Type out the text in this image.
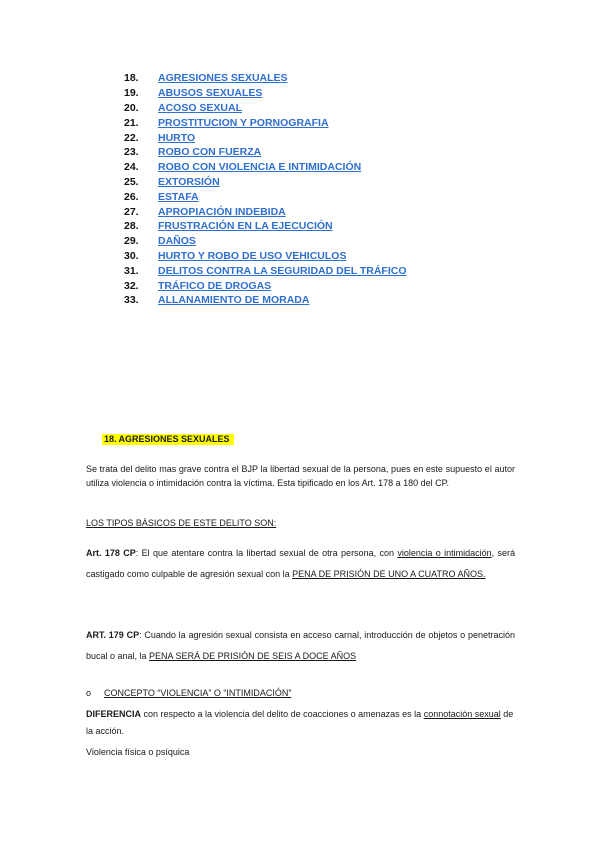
18.	AGRESIONES SEXUALES
19.	ABUSOS SEXUALES
20.	ACOSO SEXUAL
21.	PROSTITUCION Y PORNOGRAFIA
22.	HURTO
23.	ROBO CON FUERZA
24.	ROBO CON VIOLENCIA E INTIMIDACIÓN
25.	EXTORSIÓN
26.	ESTAFA
27.	APROPIACIÓN INDEBIDA
28.	FRUSTRACIÓN EN LA EJECUCIÓN
29.	DAÑOS
30.	HURTO Y ROBO DE USO VEHICULOS
31.	DELITOS CONTRA LA SEGURIDAD DEL TRÁFICO
32.	TRÁFICO DE DROGAS
33.	ALLANAMIENTO DE MORADA
18. AGRESIONES SEXUALES
Se trata del delito mas grave contra el BJP la libertad sexual de la persona, pues en este supuesto el autor utiliza violencia o intimidación contra la víctima. Esta tipificado en los Art. 178 a 180 del CP.
LOS TIPOS BÁSICOS DE ESTE DELITO SON:
Art. 178 CP: El que atentare contra la libertad sexual de otra persona, con violencia o intimidación, será castigado como culpable de agresión sexual con la PENA DE PRISIÓN DE UNO A CUATRO AÑOS.
ART. 179 CP: Cuando la agresión sexual consista en acceso carnal, introducción de objetos o penetración bucal o anal, la PENA SERÁ DE PRISIÓN DE SEIS A DOCE AÑOS
o CONCEPTO “VIOLENCIA” O “INTIMIDACIÓN”
DIFERENCIA con respecto a la violencia del delito de coacciones o amenazas es la connotación sexual de la acción.
Violencia física o psíquica
